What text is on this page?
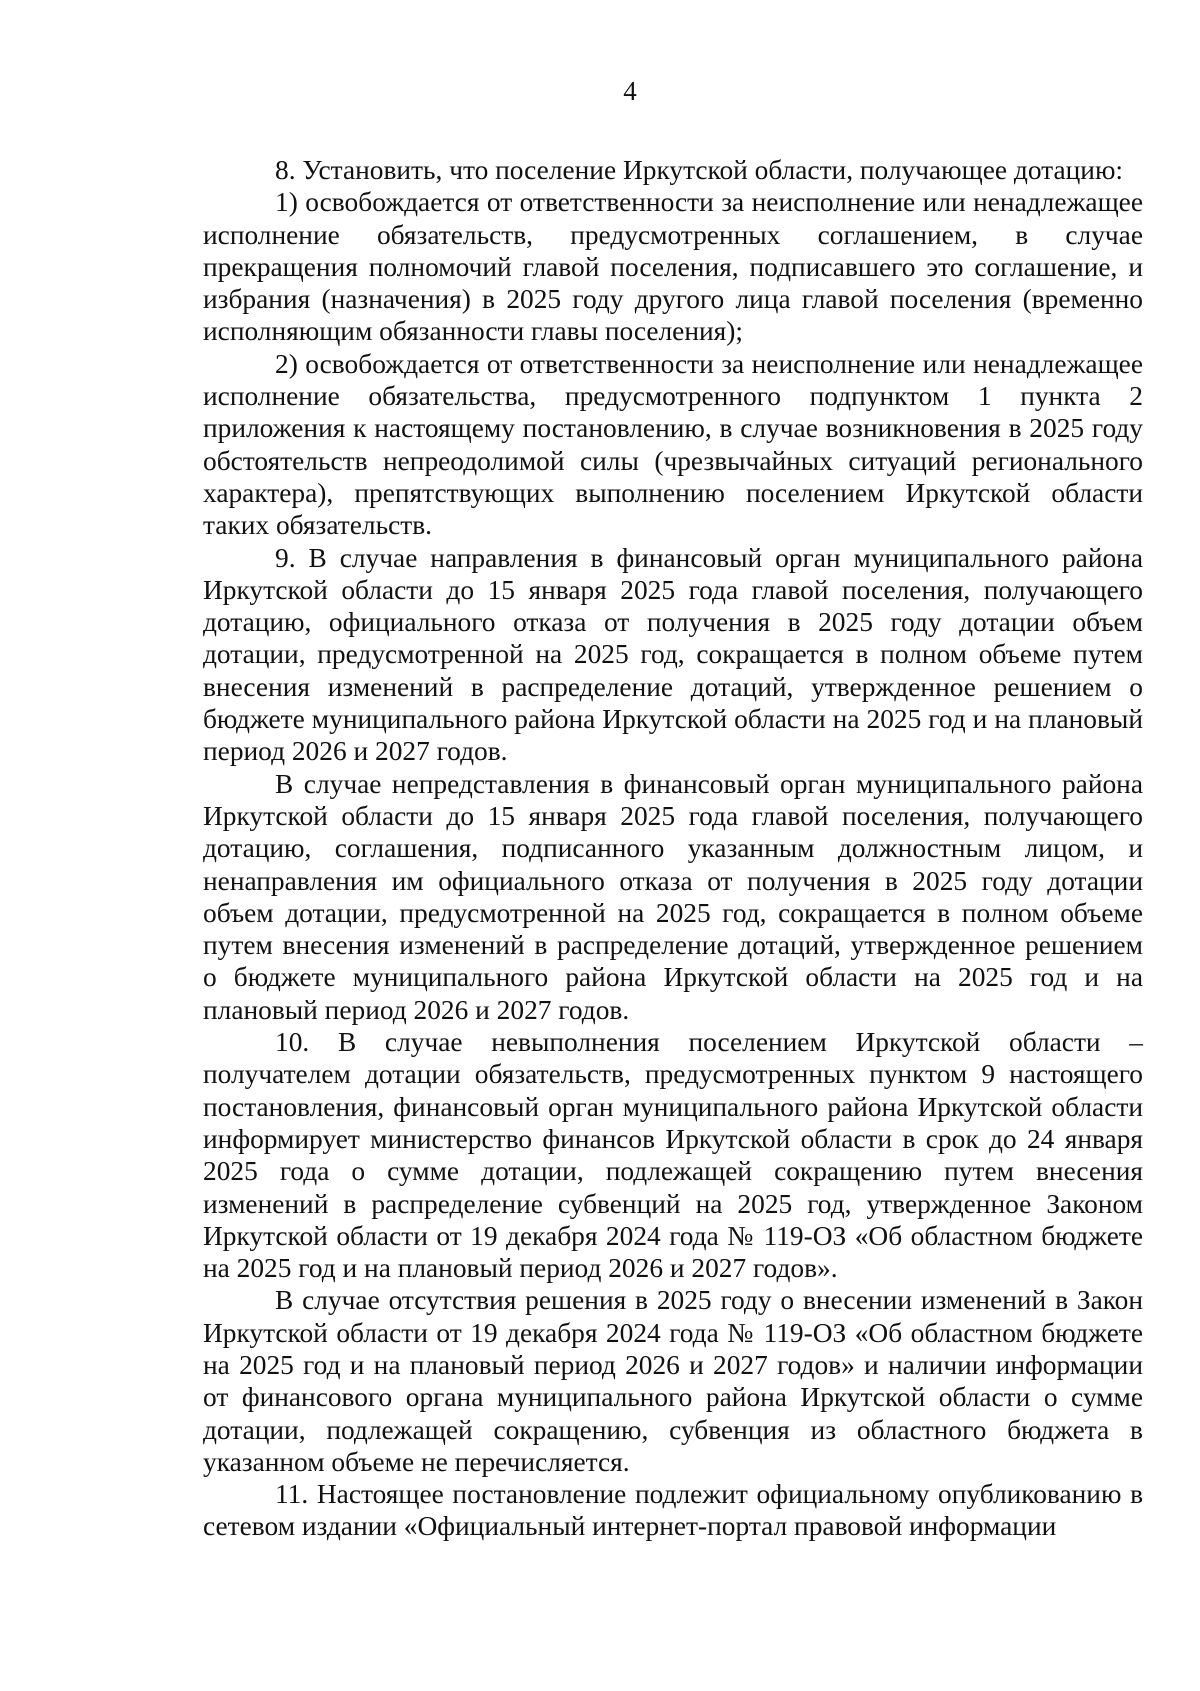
4

8. Установить, что поселение Иркутской области, получающее дотацию:

1) освобождается от ответственности за неисполнение или ненадлежащее исполнение обязательств, предусмотренных соглашением, в случае прекращения полномочий главой поселения, подписавшего это соглашение, и избрания (назначения) в 2025 году другого лица главой поселения (временно исполняющим обязанности главы поселения);

2) освобождается от ответственности за неисполнение или ненадлежащее исполнение обязательства, предусмотренного подпунктом 1 пункта 2 приложения к настоящему постановлению, в случае возникновения в 2025 году обстоятельств непреодолимой силы (чрезвычайных ситуаций регионального характера), препятствующих выполнению поселением Иркутской области таких обязательств.

9. В случае направления в финансовый орган муниципального района Иркутской области до 15 января 2025 года главой поселения, получающего дотацию, официального отказа от получения в 2025 году дотации объем дотации, предусмотренной на 2025 год, сокращается в полном объеме путем внесения изменений в распределение дотаций, утвержденное решением о бюджете муниципального района Иркутской области на 2025 год и на плановый период 2026 и 2027 годов.

В случае непредставления в финансовый орган муниципального района Иркутской области до 15 января 2025 года главой поселения, получающего дотацию, соглашения, подписанного указанным должностным лицом, и ненаправления им официального отказа от получения в 2025 году дотации объем дотации, предусмотренной на 2025 год, сокращается в полном объеме путем внесения изменений в распределение дотаций, утвержденное решением о бюджете муниципального района Иркутской области на 2025 год и на плановый период 2026 и 2027 годов.

10. В случае невыполнения поселением Иркутской области – получателем дотации обязательств, предусмотренных пунктом 9 настоящего постановления, финансовый орган муниципального района Иркутской области информирует министерство финансов Иркутской области в срок до 24 января 2025 года о сумме дотации, подлежащей сокращению путем внесения изменений в распределение субвенций на 2025 год, утвержденное Законом Иркутской области от 19 декабря 2024 года № 119-ОЗ «Об областном бюджете на 2025 год и на плановый период 2026 и 2027 годов».

В случае отсутствия решения в 2025 году о внесении изменений в Закон Иркутской области от 19 декабря 2024 года № 119-ОЗ «Об областном бюджете на 2025 год и на плановый период 2026 и 2027 годов» и наличии информации от финансового органа муниципального района Иркутской области о сумме дотации, подлежащей сокращению, субвенция из областного бюджета в указанном объеме не перечисляется.

11. Настоящее постановление подлежит официальному опубликованию в сетевом издании «Официальный интернет-портал правовой информации
